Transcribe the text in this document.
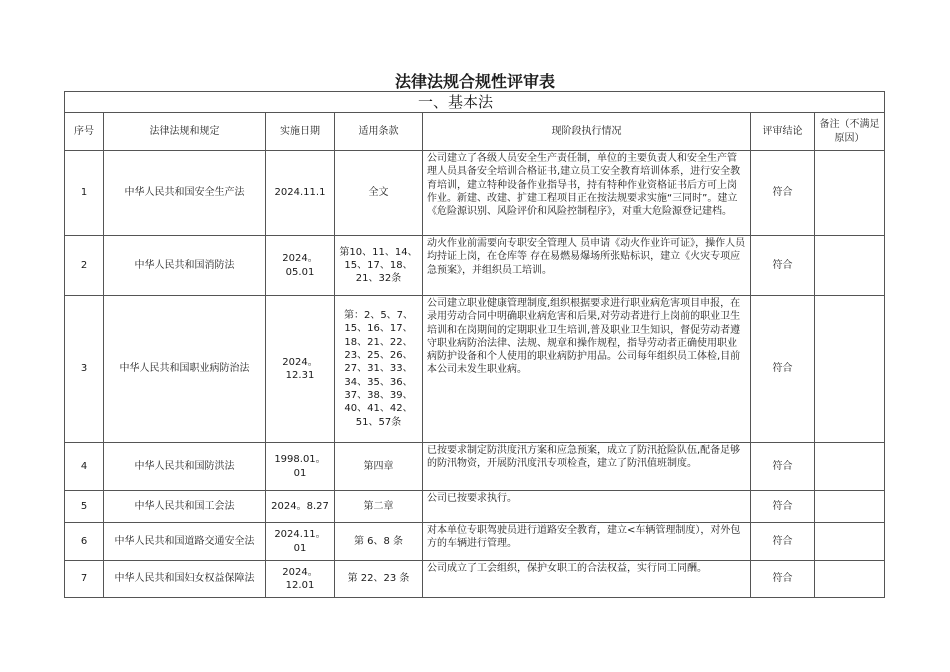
法律法规合规性评审表
一、基本法						
序号	法律法规和规定	实施日期	适用条款	现阶段执行情况	评审结论	备注（不满足原因）
1	中华人民共和国安全生产法	2024.11.1	全文	公司建立了各级人员安全生产责任制，单位的主要负责人和安全生产管理人员具备安全培训合格证书,建立员工安全教育培训体系，进行安全教育培训，建立特种设备作业指导书，持有特种作业资格证书后方可上岗作业。新建、改建、扩建工程项目正在按法规要求实施“三同时”。建立《危险源识别、风险评价和风险控制程序》，对重大危险源登记建档。	符合	
2	中华人民共和国消防法	2024。05.01	第10、11、14、15、17、18、21、32条	动火作业前需要向专职安全管理人 员申请《动火作业许可证》，操作人员均持证上岗，在仓库等 存在易燃易爆场所张贴标识，建立《火灾专项应急预案》，并组织员工培训。	符合	
3	中华人民共和国职业病防治法	2024。12.31	第：2、5、7、15、16、17、18、21、22、23、25、26、27、31、33、34、35、36、37、38、39、40、41、42、51、57条	公司建立职业健康管理制度,组织根据要求进行职业病危害项目申报，在录用劳动合同中明确职业病危害和后果,对劳动者进行上岗前的职业卫生培训和在岗期间的定期职业卫生培训,普及职业卫生知识，督促劳动者遵守职业病防治法律、法规、规章和操作规程，指导劳动者正确使用职业病防护设备和个人使用的职业病防护用品。公司每年组织员工体检,目前本公司未发生职业病。	符合	
4	中华人民共和国防洪法	1998.01。01	第四章	已按要求制定防洪度汛方案和应急预案，成立了防汛抢险队伍,配备足够的防汛物资，开展防汛度汛专项检查，建立了防汛值班制度。	符合	
5	中华人民共和国工会法	2024。8.27	第二章	公司已按要求执行。	符合	
6	中华人民共和国道路交通安全法	2024.11。01	第 6、8 条	对本单位专职驾驶员进行道路安全教育，建立<车辆管理制度），对外包方的车辆进行管理。	符合	
7	中华人民共和国妇女权益保障法	2024。12.01	第 22、23 条	公司成立了工会组织，保护女职工的合法权益，实行同工同酬。	符合	
